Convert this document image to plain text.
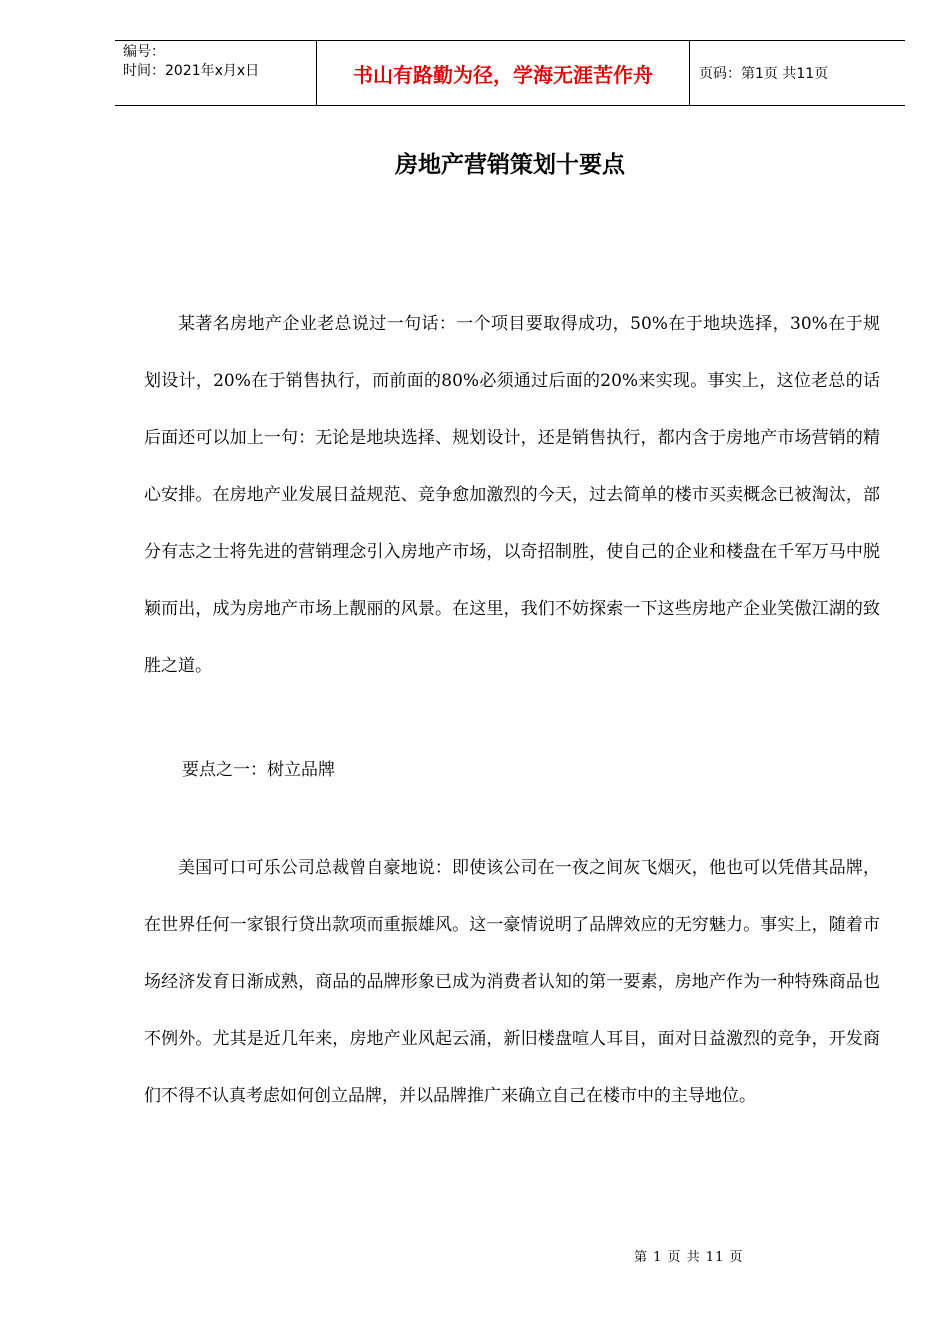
编号：
时间：2021年x月x日	书山有路勤为径，学海无涯苦作舟	页码：第1页 共11页
房地产营销策划十要点

某著名房地产企业老总说过一句话：一个项目要取得成功，50%在于地块选择，30%在于规划设计，20%在于销售执行，而前面的80%必须通过后面的20%来实现。事实上，这位老总的话后面还可以加上一句：无论是地块选择、规划设计，还是销售执行，都内含于房地产市场营销的精心安排。在房地产业发展日益规范、竞争愈加激烈的今天，过去简单的楼市买卖概念已被淘汰，部分有志之士将先进的营销理念引入房地产市场，以奇招制胜，使自己的企业和楼盘在千军万马中脱颖而出，成为房地产市场上靓丽的风景。在这里，我们不妨探索一下这些房地产企业笑傲江湖的致胜之道。

要点之一：树立品牌

美国可口可乐公司总裁曾自豪地说：即使该公司在一夜之间灰飞烟灭，他也可以凭借其品牌，在世界任何一家银行贷出款项而重振雄风。这一豪情说明了品牌效应的无穷魅力。事实上，随着市场经济发育日渐成熟，商品的品牌形象已成为消费者认知的第一要素，房地产作为一种特殊商品也不例外。尤其是近几年来，房地产业风起云涌，新旧楼盘喧人耳目，面对日益激烈的竞争，开发商们不得不认真考虑如何创立品牌，并以品牌推广来确立自己在楼市中的主导地位。

第 1 页 共 11 页
